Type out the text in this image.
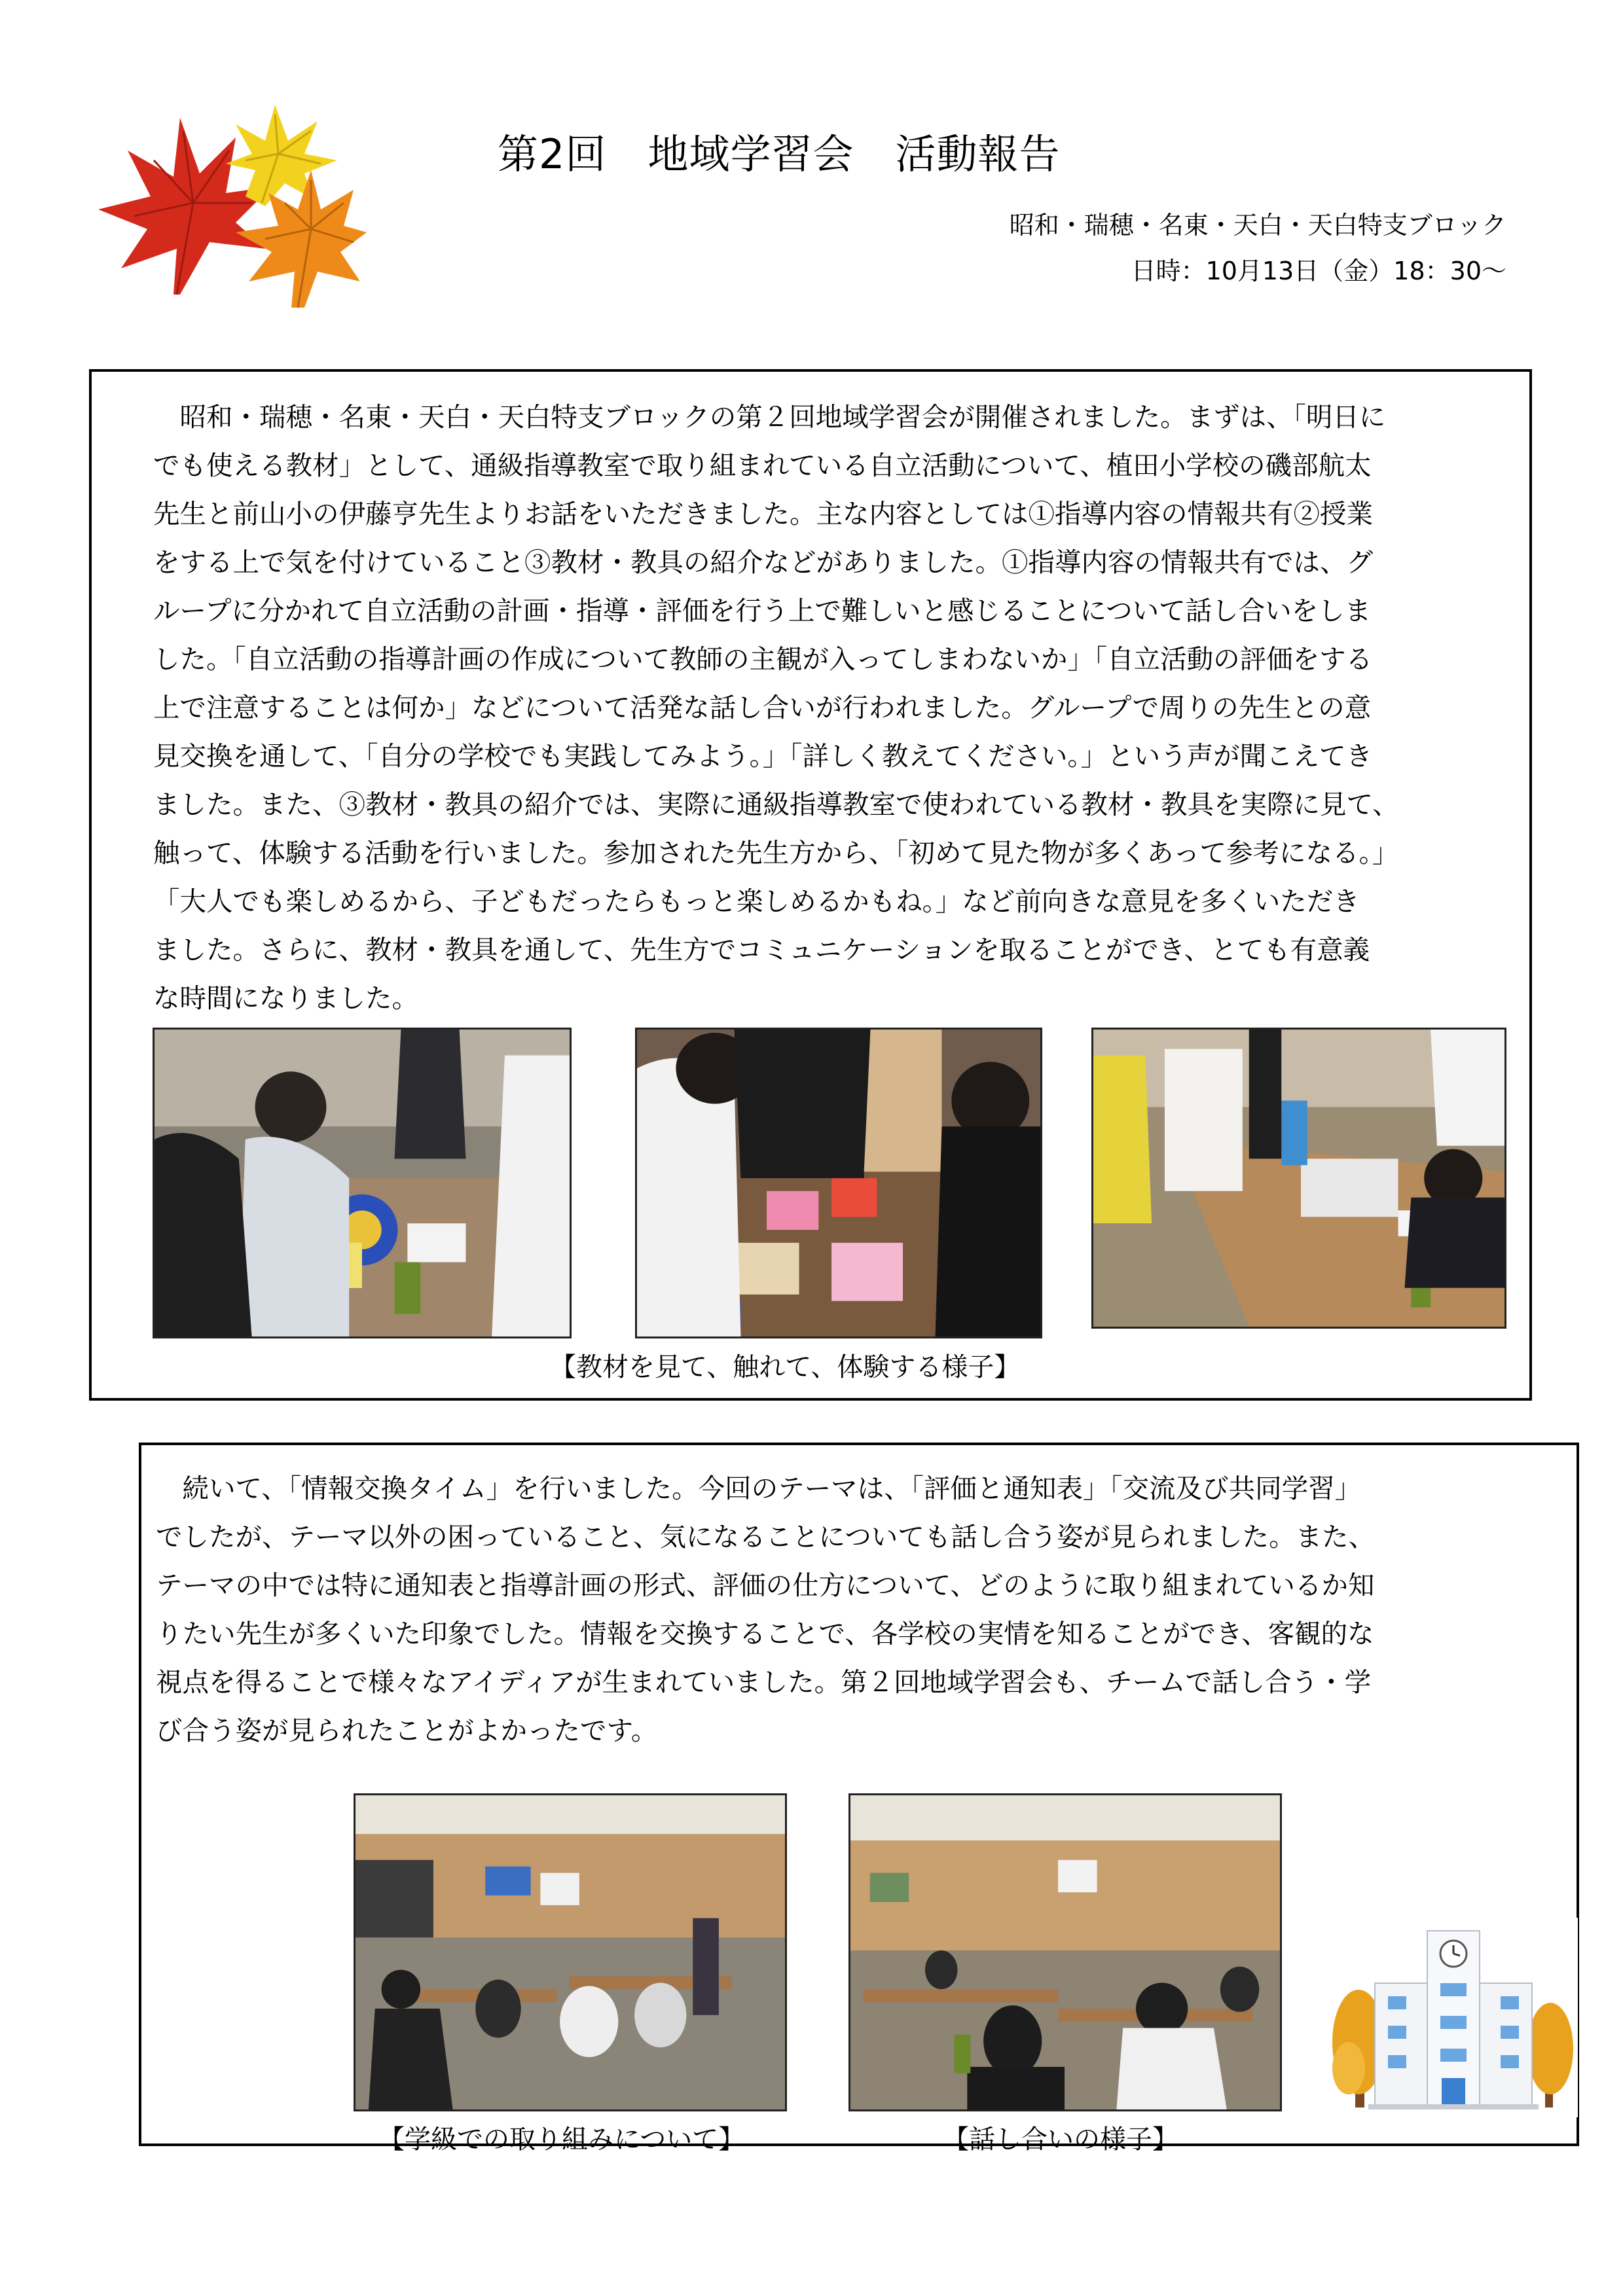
第2回　地域学習会　活動報告
昭和・瑞穂・名東・天白・天白特支ブロック
日時：10月13日（金）18：30～
　昭和・瑞穂・名東・天白・天白特支ブロックの第２回地域学習会が開催されました。まずは、「明日に
でも使える教材」として、通級指導教室で取り組まれている自立活動について、植田小学校の磯部航太
先生と前山小の伊藤亨先生よりお話をいただきました。主な内容としては①指導内容の情報共有②授業
をする上で気を付けていること③教材・教具の紹介などがありました。①指導内容の情報共有では、グ
ループに分かれて自立活動の計画・指導・評価を行う上で難しいと感じることについて話し合いをしま
した。「自立活動の指導計画の作成について教師の主観が入ってしまわないか」「自立活動の評価をする
上で注意することは何か」などについて活発な話し合いが行われました。グループで周りの先生との意
見交換を通して、「自分の学校でも実践してみよう。」「詳しく教えてください。」という声が聞こえてき
ました。また、③教材・教具の紹介では、実際に通級指導教室で使われている教材・教具を実際に見て、
触って、体験する活動を行いました。参加された先生方から、「初めて見た物が多くあって参考になる。」
「大人でも楽しめるから、子どもだったらもっと楽しめるかもね。」など前向きな意見を多くいただき
ました。さらに、教材・教具を通して、先生方でコミュニケーションを取ることができ、とても有意義
な時間になりました。
【教材を見て、触れて、体験する様子】
　続いて、「情報交換タイム」を行いました。今回のテーマは、「評価と通知表」「交流及び共同学習」
でしたが、テーマ以外の困っていること、気になることについても話し合う姿が見られました。また、
テーマの中では特に通知表と指導計画の形式、評価の仕方について、どのように取り組まれているか知
りたい先生が多くいた印象でした。情報を交換することで、各学校の実情を知ることができ、客観的な
視点を得ることで様々なアイディアが生まれていました。第２回地域学習会も、チームで話し合う・学
び合う姿が見られたことがよかったです。
【学級での取り組みについて】	【話し合いの様子】
